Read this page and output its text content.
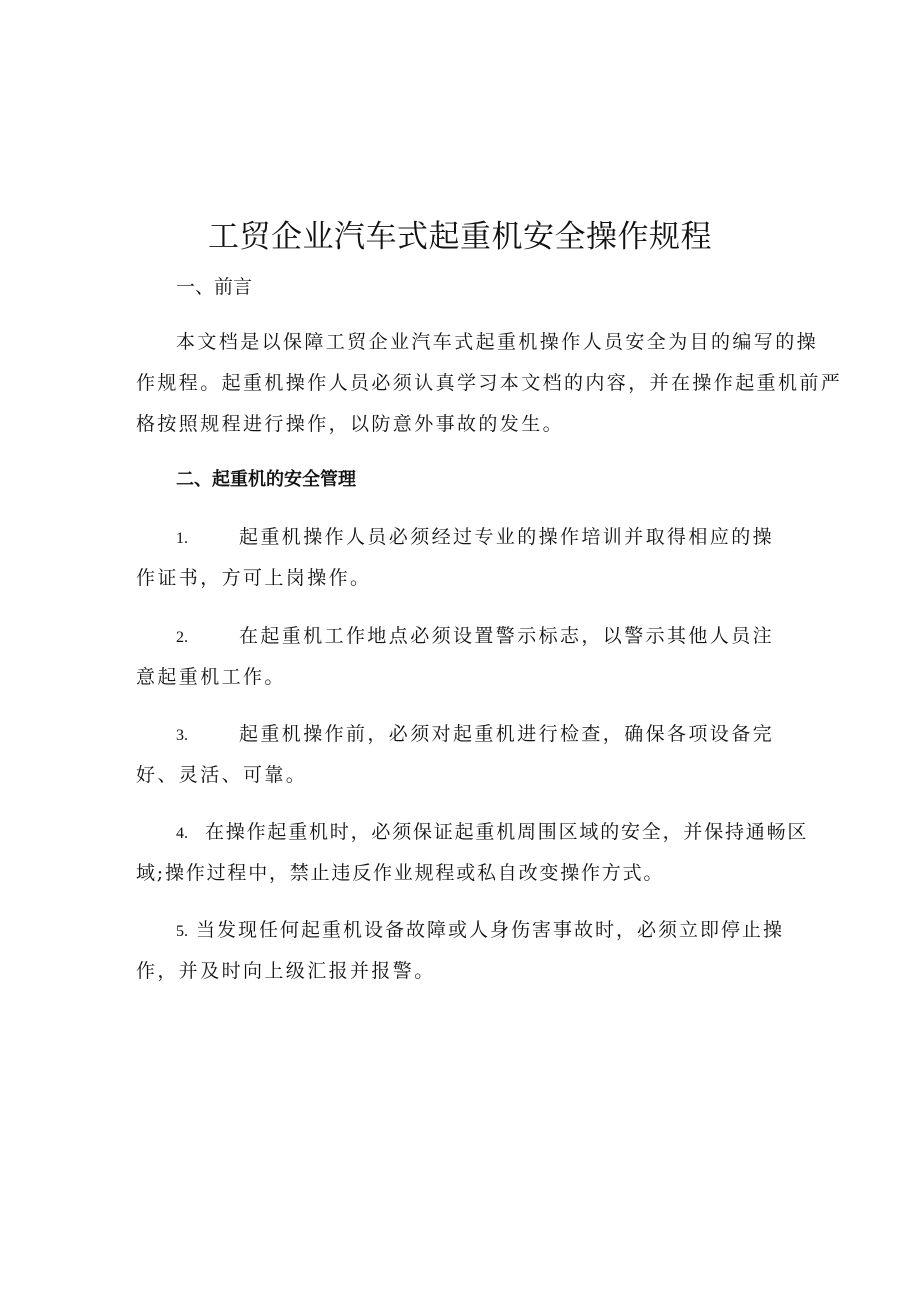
工贸企业汽车式起重机安全操作规程
一、前言
本文档是以保障工贸企业汽车式起重机操作人员安全为目的编写的操
作规程。起重机操作人员必须认真学习本文档的内容，并在操作起重机前严
格按照规程进行操作，以防意外事故的发生。
二、起重机的安全管理
1.	起重机操作人员必须经过专业的操作培训并取得相应的操
作证书，方可上岗操作。
2.	在起重机工作地点必须设置警示标志，以警示其他人员注
意起重机工作。
3.	起重机操作前，必须对起重机进行检查，确保各项设备完
好、灵活、可靠。
4. 在操作起重机时，必须保证起重机周围区域的安全，并保持通畅区
域;操作过程中，禁止违反作业规程或私自改变操作方式。
5. 当发现任何起重机设备故障或人身伤害事故时，必须立即停止操
作，并及时向上级汇报并报警。
